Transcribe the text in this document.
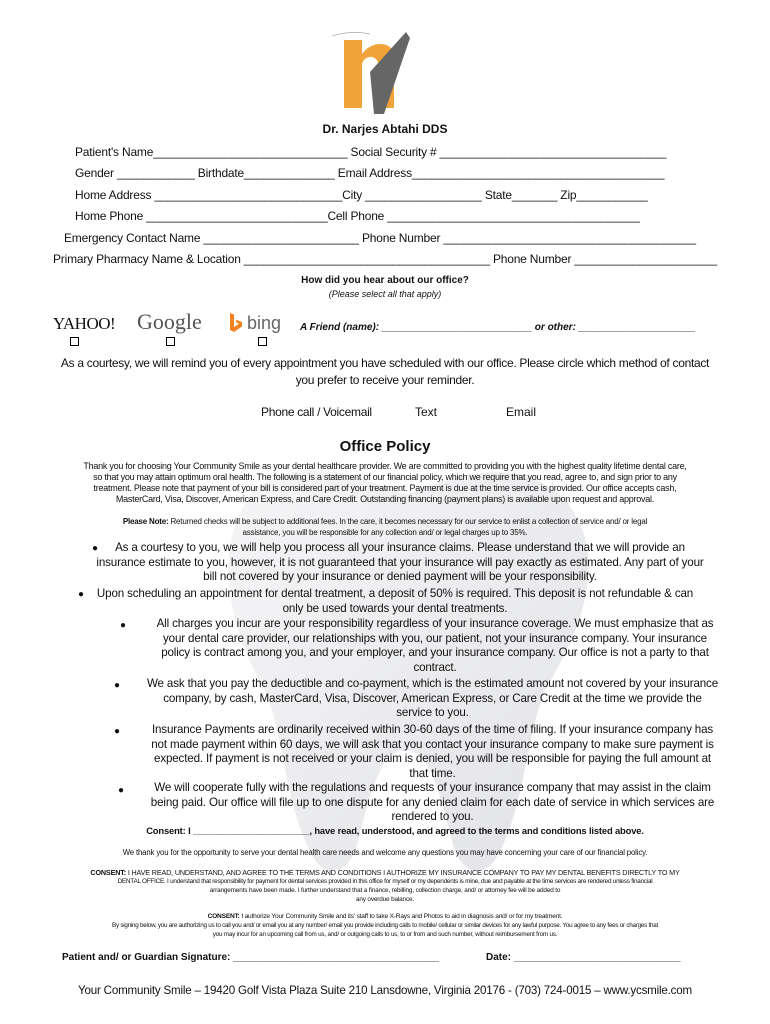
Dr. Narjes Abtahi DDS
Patient's Name______________________________ Social Security # ___________________________________
Gender ____________ Birthdate______________ Email Address_______________________________________
Home Address _____________________________City __________________ State_______ Zip___________
Home Phone ____________________________Cell Phone _______________________________________
Emergency Contact Name ________________________ Phone Number _______________________________________
Primary Pharmacy Name & Location ______________________________________ Phone Number ______________________
How did you hear about our office?
(Please select all that apply)
YAHOO! Google	bing A Friend (name): ___________________________ or other: _____________________
As a courtesy, we will remind you of every appointment you have scheduled with our office. Please circle which method of contact
you prefer to receive your reminder.
Phone call / Voicemail	Text	Email
Office Policy
Thank you for choosing Your Community Smile as your dental healthcare provider. We are committed to providing you with the highest quality lifetime dental care,
so that you may attain optimum oral health. The following is a statement of our financial policy, which we require that you read, agree to, and sign prior to any
treatment. Please note that payment of your bill is considered part of your treatment. Payment is due at the time service is provided. Our office accepts cash,
MasterCard, Visa, Discover, American Express, and Care Credit. Outstanding financing (payment plans) is available upon request and approval.
Please Note: Returned checks will be subject to additional fees. In the care, it becomes necessary for our service to enlist a collection of service and/ or legal
assistance, you will be responsible for any collection and/ or legal charges up to 35%.
●	As a courtesy to you, we will help you process all your insurance claims. Please understand that we will provide an
insurance estimate to you, however, it is not guaranteed that your insurance will pay exactly as estimated. Any part of your
bill not covered by your insurance or denied payment will be your responsibility.
● Upon scheduling an appointment for dental treatment, a deposit of 50% is required. This deposit is not refundable & can
only be used towards your dental treatments.
●	All charges you incur are your responsibility regardless of your insurance coverage. We must emphasize that as
your dental care provider, our relationships with you, our patient, not your insurance company. Your insurance
policy is contract among you, and your employer, and your insurance company. Our office is not a party to that
contract.
●	We ask that you pay the deductible and co-payment, which is the estimated amount not covered by your insurance
company, by cash, MasterCard, Visa, Discover, American Express, or Care Credit at the time we provide the
service to you.
●	Insurance Payments are ordinarily received within 30-60 days of the time of filing. If your insurance company has
not made payment within 60 days, we will ask that you contact your insurance company to make sure payment is
expected. If payment is not received or your claim is denied, you will be responsible for paying the full amount at
that time.
●	We will cooperate fully with the regulations and requests of your insurance company that may assist in the claim
being paid. Our office will file up to one dispute for any denied claim for each date of service in which services are
rendered to you.
Consent: I _______________________, have read, understood, and agreed to the terms and conditions listed above.
We thank you for the opportunity to serve your dental health care needs and welcome any questions you may have concerning your care of our financial policy.
CONSENT: I HAVE READ, UNDERSTAND, AND AGREE TO THE TERMS AND CONDITIONS I AUTHORIZE MY INSURANCE COMPANY TO PAY MY DENTAL BENEFITS DIRECTLY TO MY
DENTAL OFFICE. I understand that responsibility for payment for dental services provided in this office for myself or my dependents is mine, due and payable at the time services are rendered unless financial
arrangements have been made. I further understand that a finance, rebilling, collection charge, and/ or attorney fee will be added to
any overdue balance.
CONSENT: I authorize Your Community Smile and its' staff to take X-Rays and Photos to aid in diagnosis and/ or for my treatment.
By signing below, you are authorizing us to call you and/ or email you at any number/ email you provide including calls to mobile/ cellular or similar devices for any lawful purpose. You agree to any fees or charges that
you may incur for an upcoming call from us, and/ or outgoing calls to us, to or from and such number, without reimbursement from us.
Patient and/ or Guardian Signature: _____________________________________	Date: ______________________________
Your Community Smile – 19420 Golf Vista Plaza Suite 210 Lansdowne, Virginia 20176 - (703) 724-0015 – www.ycsmile.com
